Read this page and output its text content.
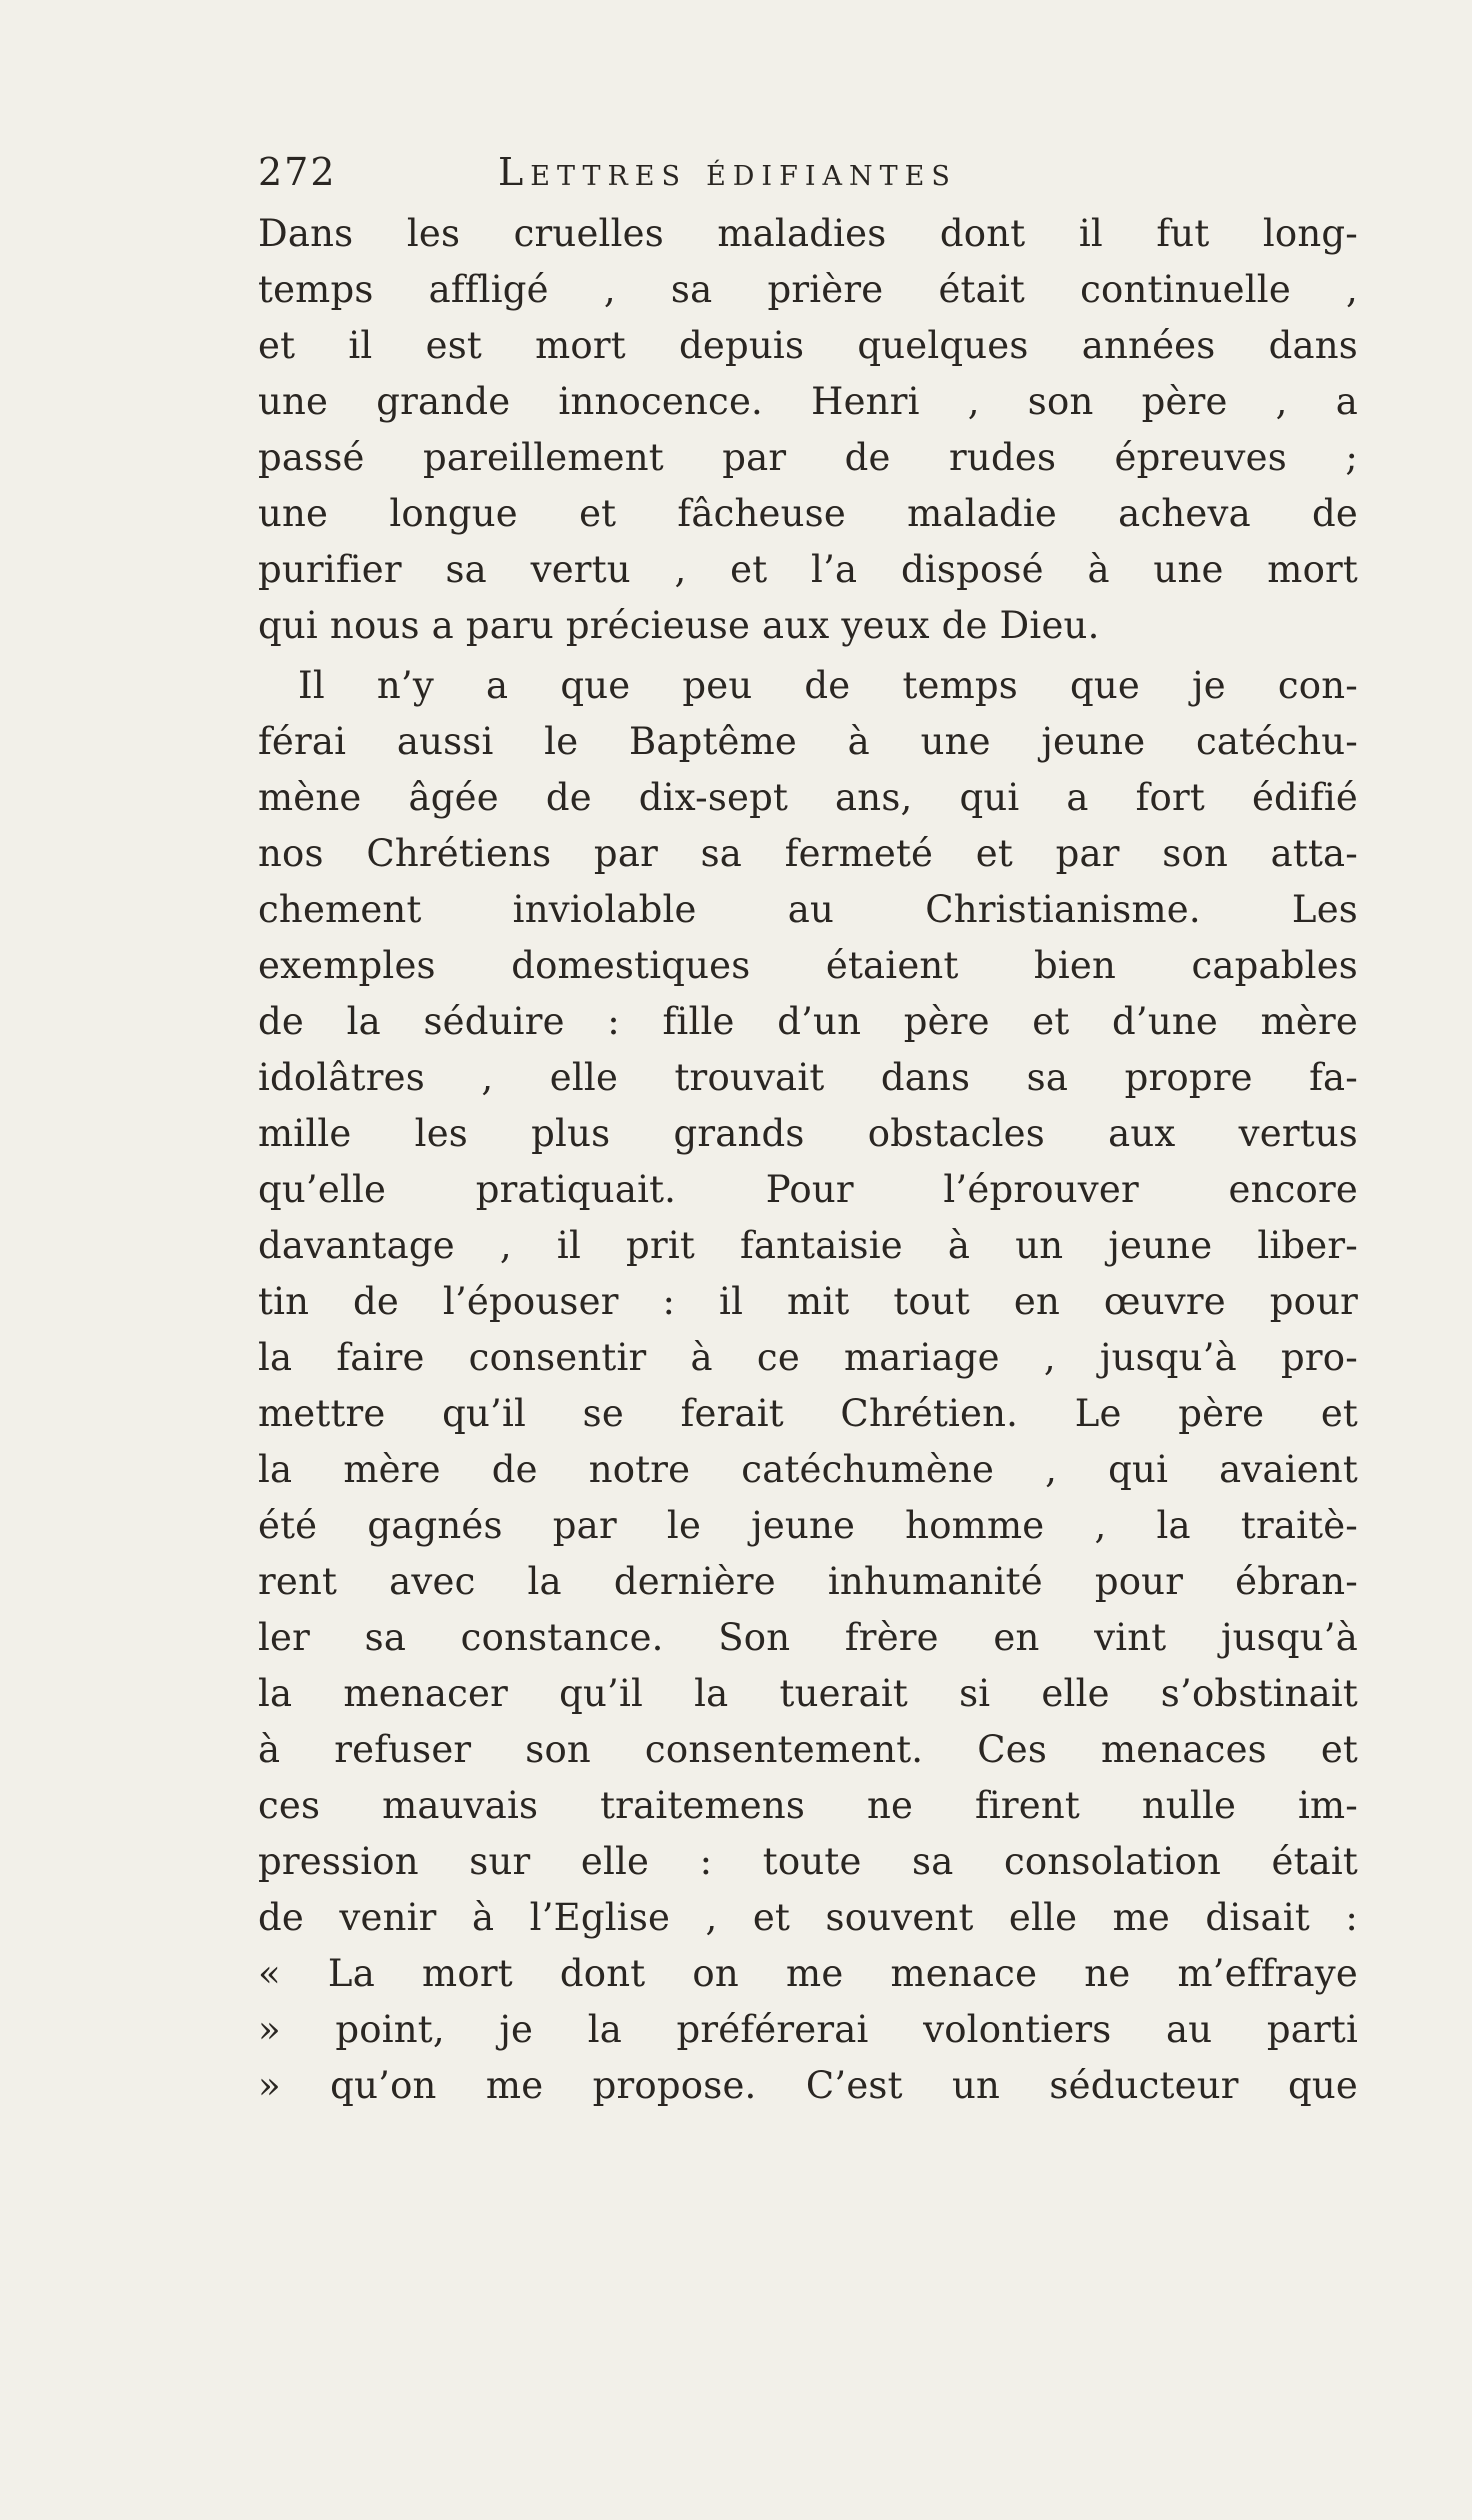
272	Lettres édifiantes
Dans les cruelles maladies dont il fut long-
temps affligé , sa prière était continuelle ,
et il est mort depuis quelques années dans
une grande innocence. Henri , son père , a
passé pareillement par de rudes épreuves ;
une longue et fâcheuse maladie acheva de
purifier sa vertu , et l’a disposé à une mort
qui nous a paru précieuse aux yeux de Dieu.
Il n’y a que peu de temps que je con-
férai aussi le Baptême à une jeune catéchu-
mène âgée de dix-sept ans, qui a fort édifié
nos Chrétiens par sa fermeté et par son atta-
chement inviolable au Christianisme. Les
exemples domestiques étaient bien capables
de la séduire : fille d’un père et d’une mère
idolâtres , elle trouvait dans sa propre fa-
mille les plus grands obstacles aux vertus
qu’elle pratiquait. Pour l’éprouver encore
davantage , il prit fantaisie à un jeune liber-
tin de l’épouser : il mit tout en œuvre pour
la faire consentir à ce mariage , jusqu’à pro-
mettre qu’il se ferait Chrétien. Le père et
la mère de notre catéchumène , qui avaient
été gagnés par le jeune homme , la traitè-
rent avec la dernière inhumanité pour ébran-
ler sa constance. Son frère en vint jusqu’à
la menacer qu’il la tuerait si elle s’obstinait
à refuser son consentement. Ces menaces et
ces mauvais traitemens ne firent nulle im-
pression sur elle : toute sa consolation était
de venir à l’Eglise , et souvent elle me disait :
« La mort dont on me menace ne m’effraye
» point, je la préférerai volontiers au parti
» qu’on me propose. C’est un séducteur que
